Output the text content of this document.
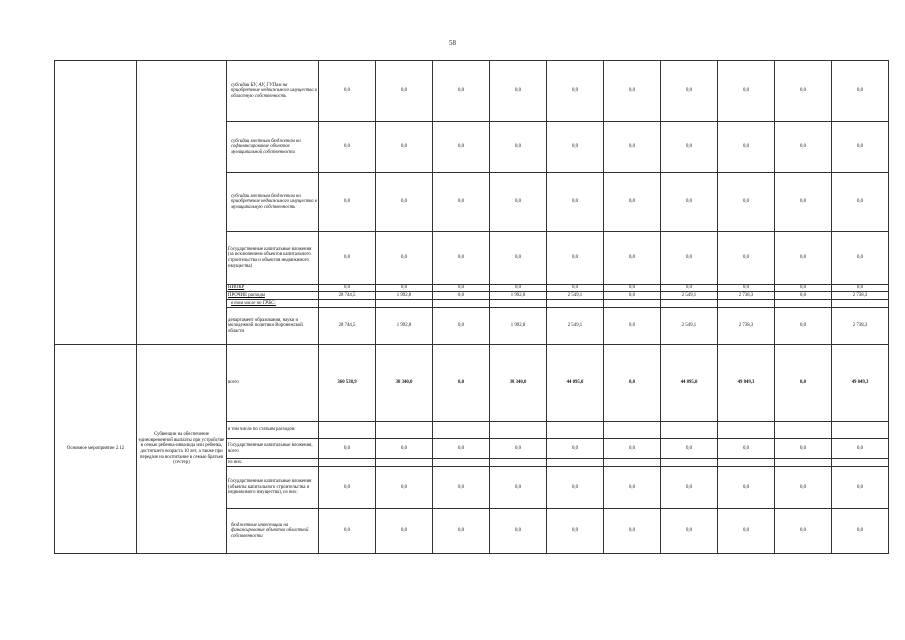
58
		субсидии БУ, АУ, ГУПам на приобретение недвижимого имущества в областную собственность	0,0	0,0	0,0	0,0	0,0	0,0	0,0	0,0	0,0	0,0
		субсидии местным бюджетам на софинансирование объектов муниципальной собственности	0,0	0,0	0,0	0,0	0,0	0,0	0,0	0,0	0,0	0,0
		субсидии местным бюджетам на приобретение недвижимого имущества в муниципальную собственность	0,0	0,0	0,0	0,0	0,0	0,0	0,0	0,0	0,0	0,0
		Государственные капитальные вложения (за исключением объектов капитального строительства и объектов недвижимого имущества)	0,0	0,0	0,0	0,0	0,0	0,0	0,0	0,0	0,0	0,0
		НИОКР	0,0	0,0	0,0	0,0	0,0	0,0	0,0	0,0	0,0	0,0
		ПРОЧИЕ расходы	28 744,5	1 992,8	0,0	1 992,8	2 549,1	0,0	2 549,1	2 738,3	0,0	2 738,3
		в том числе по ГРБС:										
		департамент образования, науки и молодежной политики Воронежской области	28 744,5	1 992,8	0,0	1 992,8	2 549,1	0,0	2 549,1	2 738,3	0,0	2 738,3
Основное мероприятие 2.12	Субвенции на обеспечение единовременной выплаты при устройстве в семью ребенка-инвалида или ребенка, достигшего возраста 10 лет, а также при передаче на воспитание в семью братьев (сестер)	всего	360 538,9	38 340,0	0,0	38 340,0	44 095,0	0,0	44 095,0	49 849,3	0,0	49 849,3
		в том числе по статьям расходов:										
		Государственные капитальные вложения, всего	0,0	0,0	0,0	0,0	0,0	0,0	0,0	0,0	0,0	0,0
		из них:										
		Государственные капитальные вложения (объекты капитального строительства и недвижимого имущества), из них:	0,0	0,0	0,0	0,0	0,0	0,0	0,0	0,0	0,0	0,0
		бюджетные инвестиции на финансирование объектов областной собственности	0,0	0,0	0,0	0,0	0,0	0,0	0,0	0,0	0,0	0,0
